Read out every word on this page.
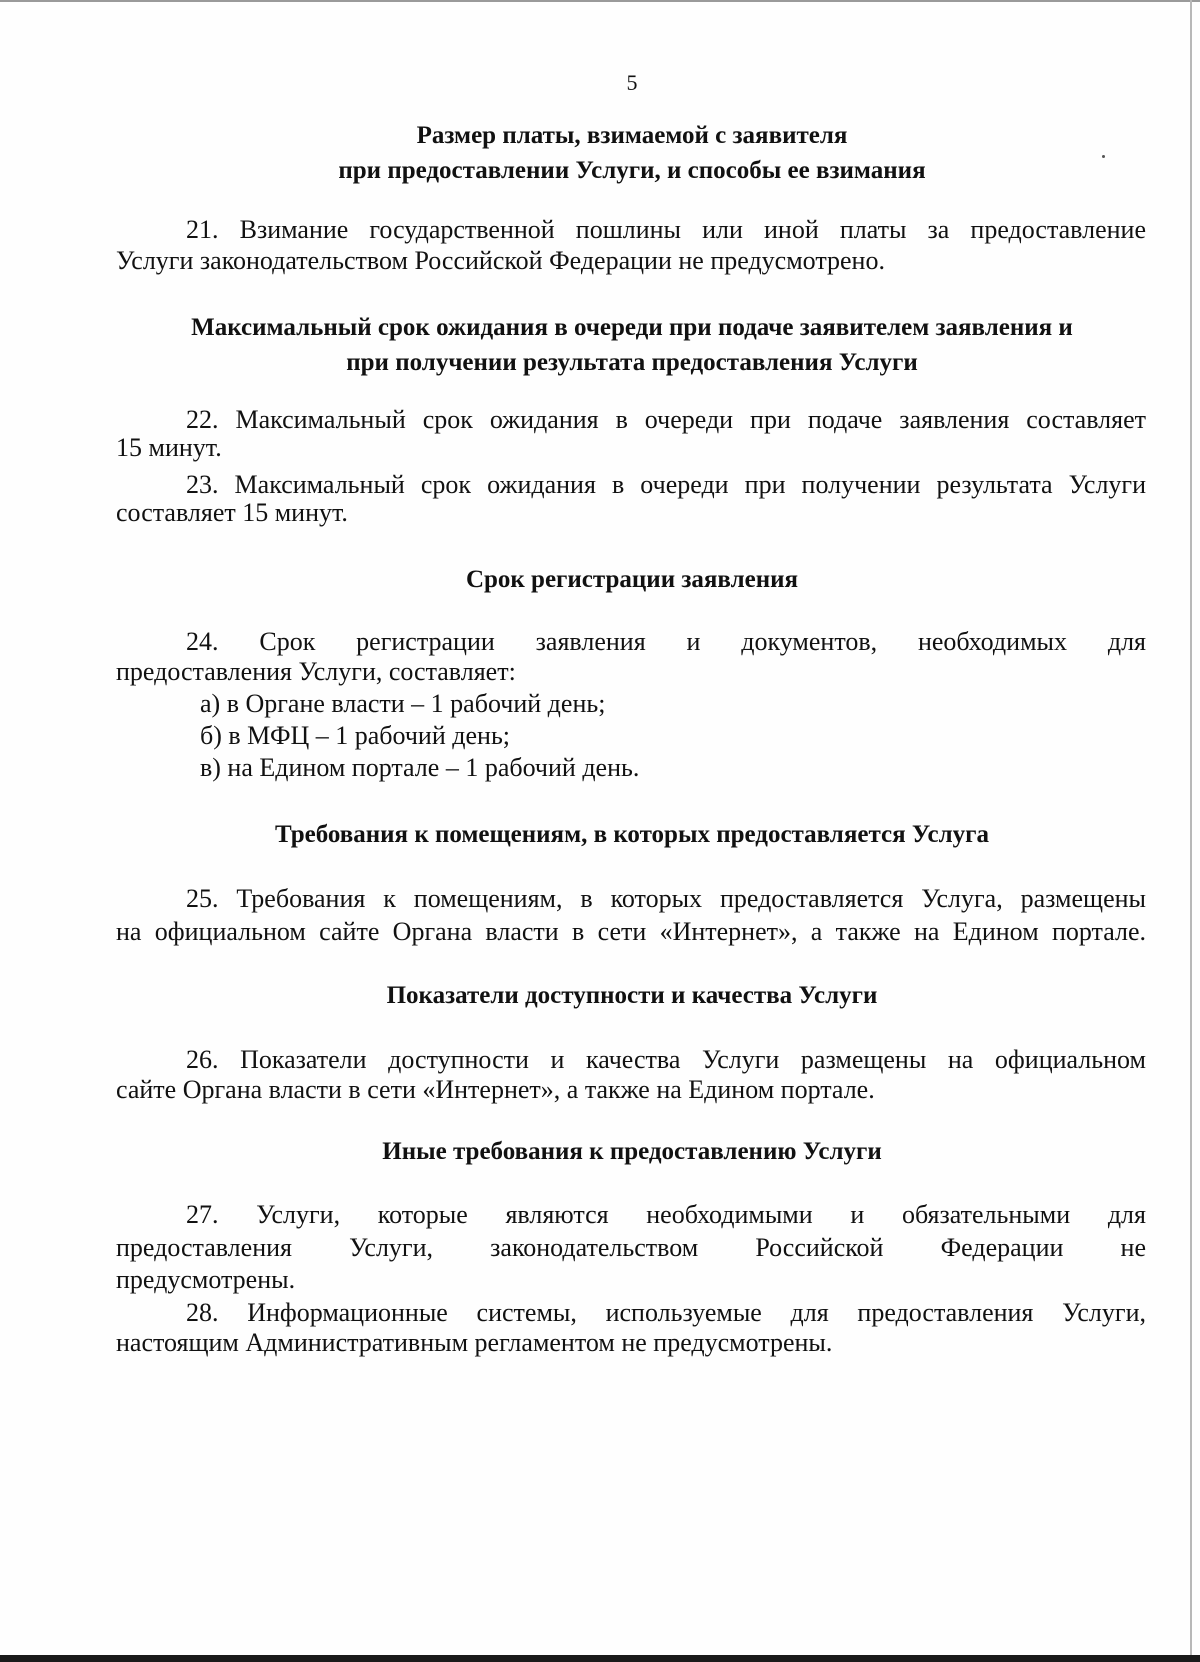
5
Размер платы, взимаемой с заявителя
при предоставлении Услуги, и способы ее взимания
21. Взимание государственной пошлины или иной платы за предоставление
Услуги законодательством Российской Федерации не предусмотрено.
Максимальный срок ожидания в очереди при подаче заявителем заявления и
при получении результата предоставления Услуги
22. Максимальный срок ожидания в очереди при подаче заявления составляет
15 минут.
23. Максимальный срок ожидания в очереди при получении результата Услуги
составляет 15 минут.
Срок регистрации заявления
24. Срок регистрации заявления и документов, необходимых для
предоставления Услуги, составляет:
а) в Органе власти – 1 рабочий день;
б) в МФЦ – 1 рабочий день;
в) на Едином портале – 1 рабочий день.
Требования к помещениям, в которых предоставляется Услуга
25. Требования к помещениям, в которых предоставляется Услуга, размещены
на официальном сайте Органа власти в сети «Интернет», а также на Едином портале.
Показатели доступности и качества Услуги
26. Показатели доступности и качества Услуги размещены на официальном
сайте Органа власти в сети «Интернет», а также на Едином портале.
Иные требования к предоставлению Услуги
27. Услуги, которые являются необходимыми и обязательными для
предоставления Услуги, законодательством Российской Федерации не
предусмотрены.
28. Информационные системы, используемые для предоставления Услуги,
настоящим Административным регламентом не предусмотрены.
